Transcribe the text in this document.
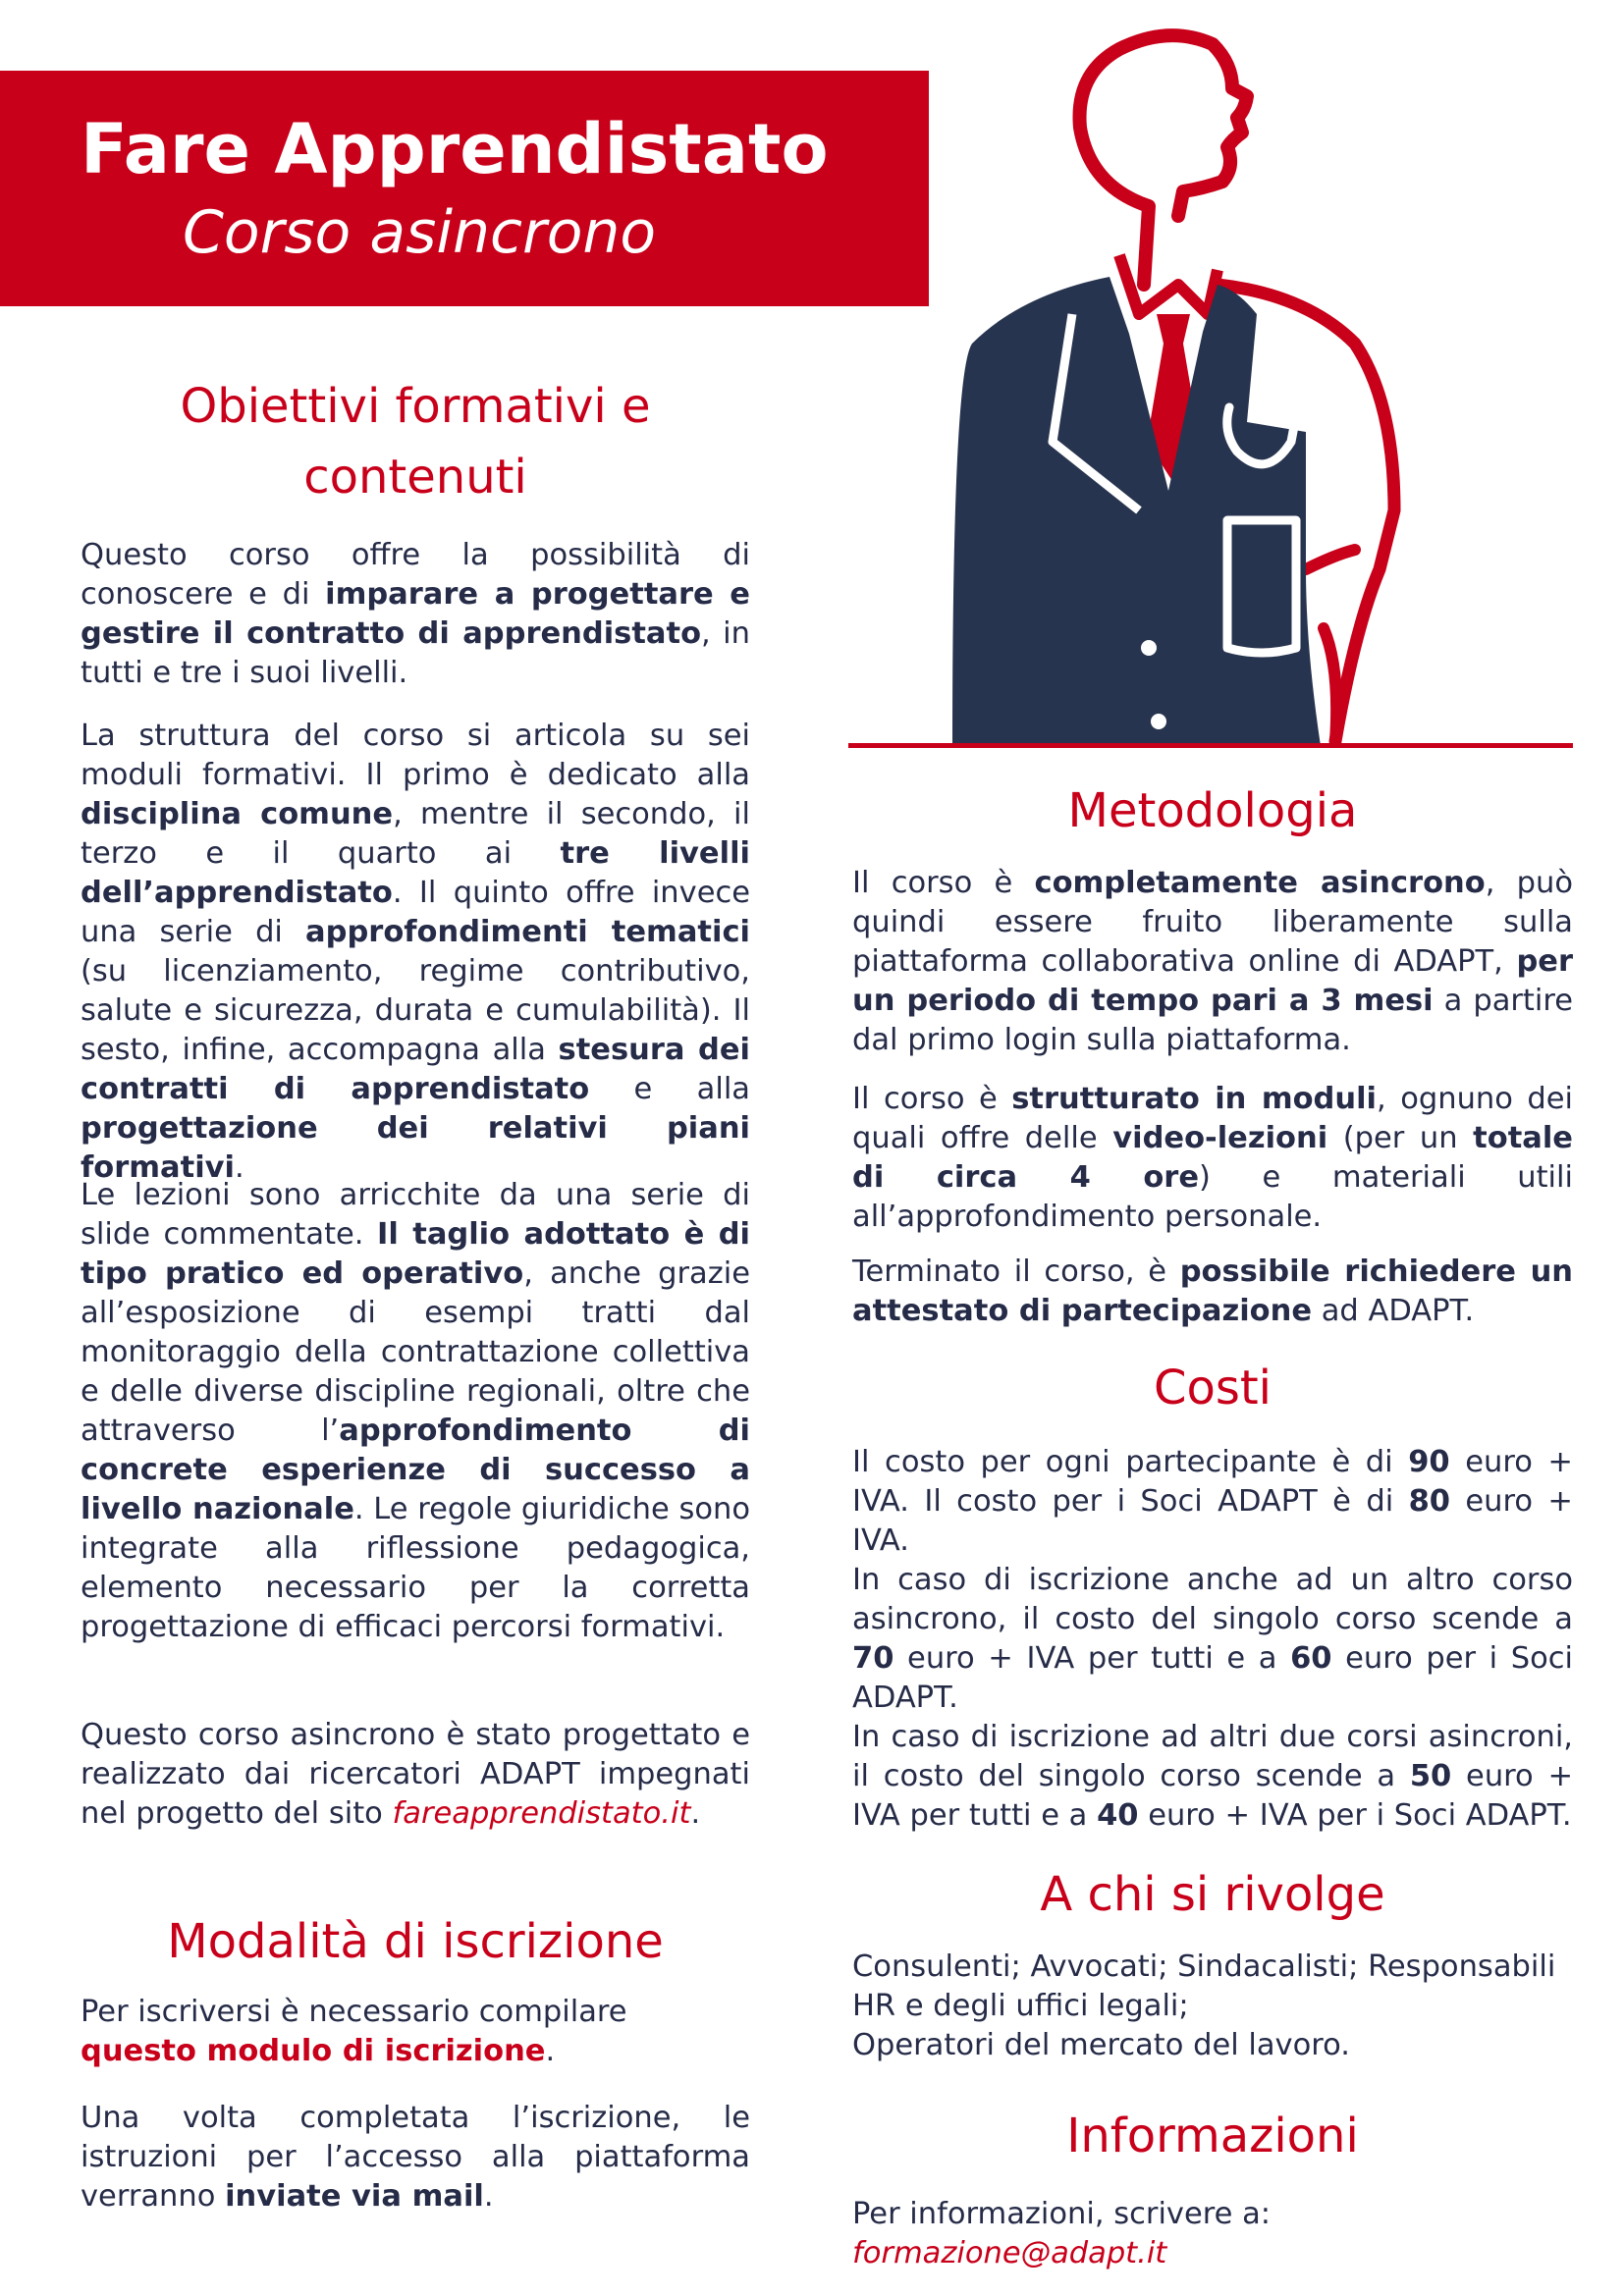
Fare Apprendistato
Corso asincrono
Obiettivi formativi e
contenuti

Questo corso offre la possibilità di conoscere e di imparare a progettare e gestire il contratto di apprendistato, in tutti e tre i suoi livelli.

La struttura del corso si articola su sei moduli formativi. Il primo è dedicato alla disciplina comune, mentre il secondo, il terzo e il quarto ai tre livelli dell’apprendistato. Il quinto offre invece una serie di approfondimenti tematici (su licenziamento, regime contributivo, salute e sicurezza, durata e cumulabilità). Il sesto, infine, accompagna alla stesura dei contratti di apprendistato e alla progettazione dei relativi piani formativi.

Le lezioni sono arricchite da una serie di slide commentate. Il taglio adottato è di tipo pratico ed operativo, anche grazie all’esposizione di esempi tratti dal monitoraggio della contrattazione collettiva e delle diverse discipline regionali, oltre che attraverso l’approfondimento di concrete esperienze di successo a livello nazionale. Le regole giuridiche sono integrate alla riflessione pedagogica, elemento necessario per la corretta progettazione di efficaci percorsi formativi.

Questo corso asincrono è stato progettato e realizzato dai ricercatori ADAPT impegnati nel progetto del sito fareapprendistato.it.

Modalità di iscrizione

Per iscriversi è necessario compilare
questo modulo di iscrizione.

Una volta completata l’iscrizione, le istruzioni per l’accesso alla piattaforma verranno inviate via mail.

Metodologia

Il corso è completamente asincrono, può quindi essere fruito liberamente sulla piattaforma collaborativa online di ADAPT, per un periodo di tempo pari a 3 mesi a partire dal primo login sulla piattaforma.

Il corso è strutturato in moduli, ognuno dei quali offre delle video-lezioni (per un totale di circa 4 ore) e materiali utili all’approfondimento personale.

Terminato il corso, è possibile richiedere un attestato di partecipazione ad ADAPT.

Costi

Il costo per ogni partecipante è di 90 euro + IVA. Il costo per i Soci ADAPT è di 80 euro + IVA.

In caso di iscrizione anche ad un altro corso asincrono, il costo del singolo corso scende a 70 euro + IVA per tutti e a 60 euro per i Soci ADAPT.

In caso di iscrizione ad altri due corsi asincroni, il costo del singolo corso scende a 50 euro + IVA per tutti e a 40 euro + IVA per i Soci ADAPT.

A chi si rivolge

Consulenti; Avvocati; Sindacalisti; Responsabili HR e degli uffici legali;
Operatori del mercato del lavoro.

Informazioni

Per informazioni, scrivere a:
formazione@adapt.it
